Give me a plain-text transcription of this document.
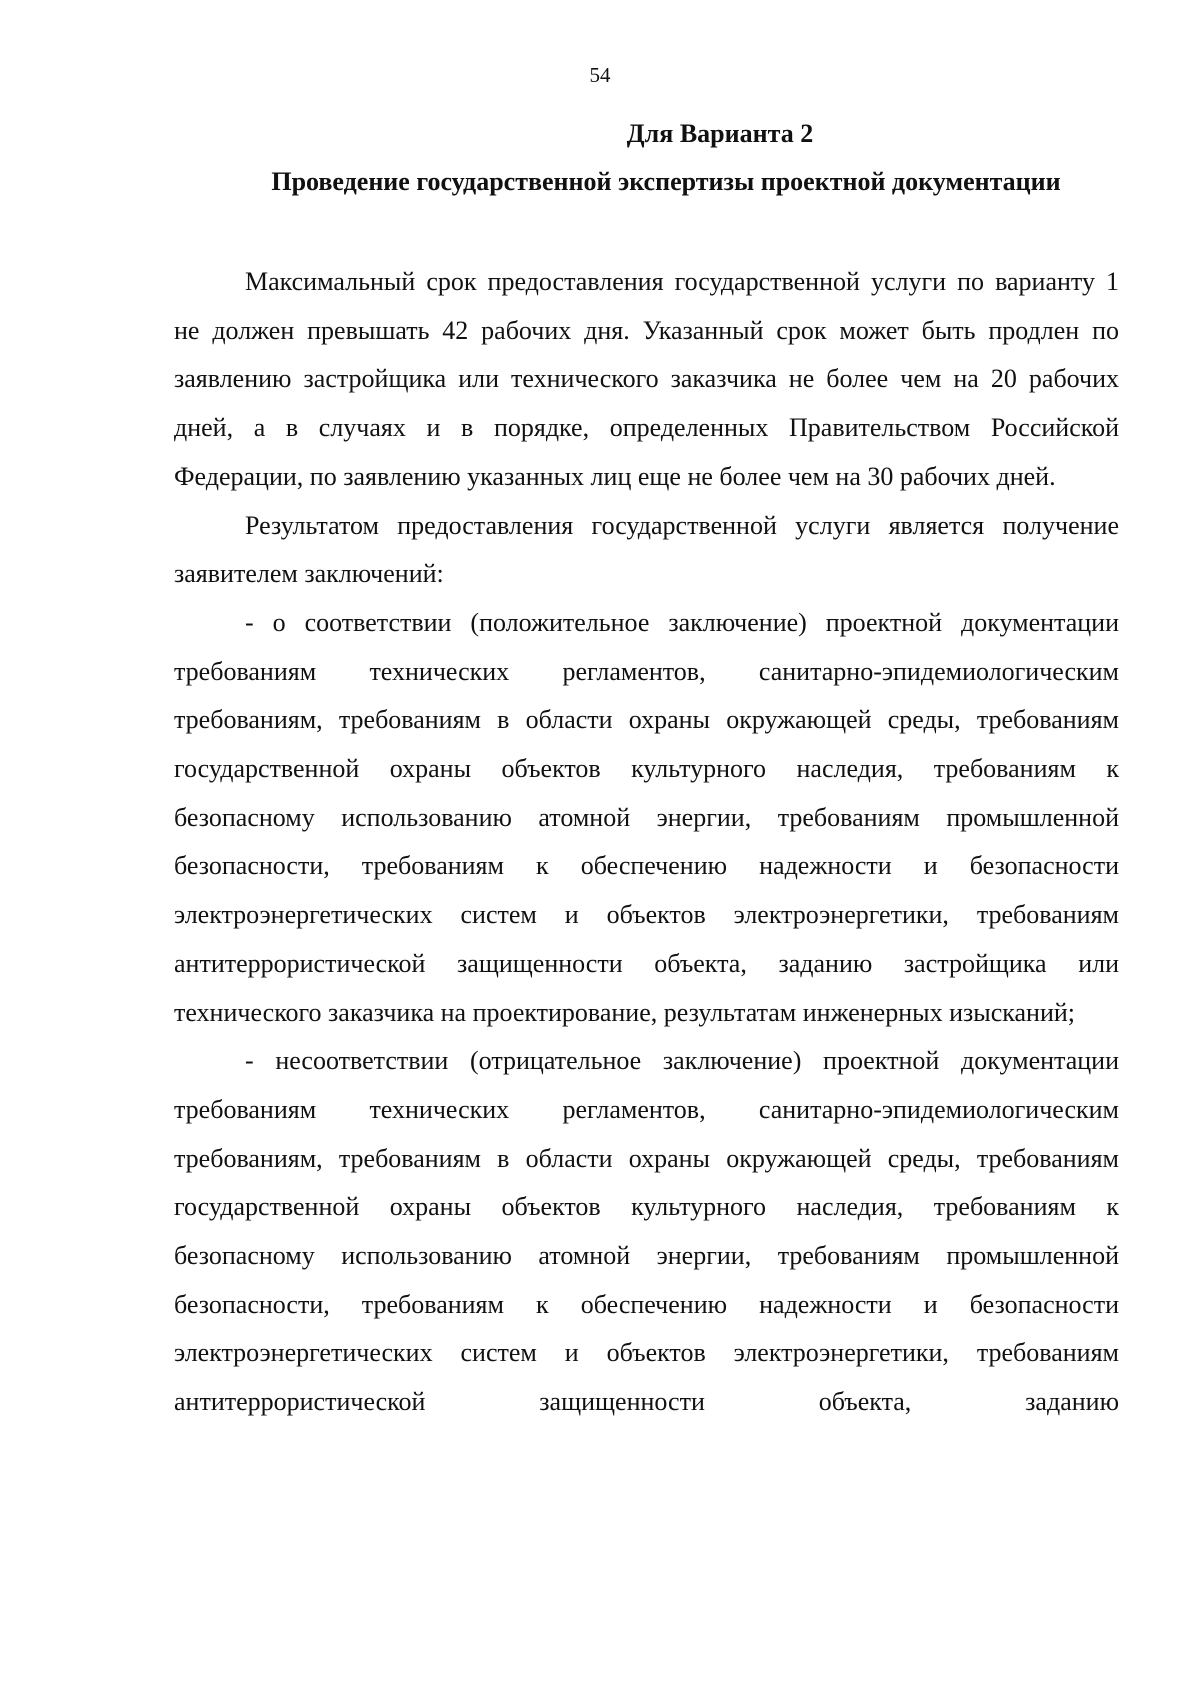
54
Для Варианта 2
Проведение государственной экспертизы проектной документации

Максимальный срок предоставления государственной услуги по варианту 1 не должен превышать 42 рабочих дня. Указанный срок может быть продлен по заявлению застройщика или технического заказчика не более чем на 20 рабочих дней, а в случаях и в порядке, определенных Правительством Российской Федерации, по заявлению указанных лиц еще не более чем на 30 рабочих дней.

Результатом предоставления государственной услуги является получение заявителем заключений:

- о соответствии (положительное заключение) проектной документации требованиям технических регламентов, санитарно-эпидемиологическим требованиям, требованиям в области охраны окружающей среды, требованиям государственной охраны объектов культурного наследия, требованиям к безопасному использованию атомной энергии, требованиям промышленной безопасности, требованиям к обеспечению надежности и безопасности электроэнергетических систем и объектов электроэнергетики, требованиям антитеррористической защищенности объекта, заданию застройщика или технического заказчика на проектирование, результатам инженерных изысканий;

- несоответствии (отрицательное заключение) проектной документации требованиям технических регламентов, санитарно-эпидемиологическим требованиям, требованиям в области охраны окружающей среды, требованиям государственной охраны объектов культурного наследия, требованиям к безопасному использованию атомной энергии, требованиям промышленной безопасности, требованиям к обеспечению надежности и безопасности электроэнергетических систем и объектов электроэнергетики, требованиям антитеррористической защищенности объекта, заданию
